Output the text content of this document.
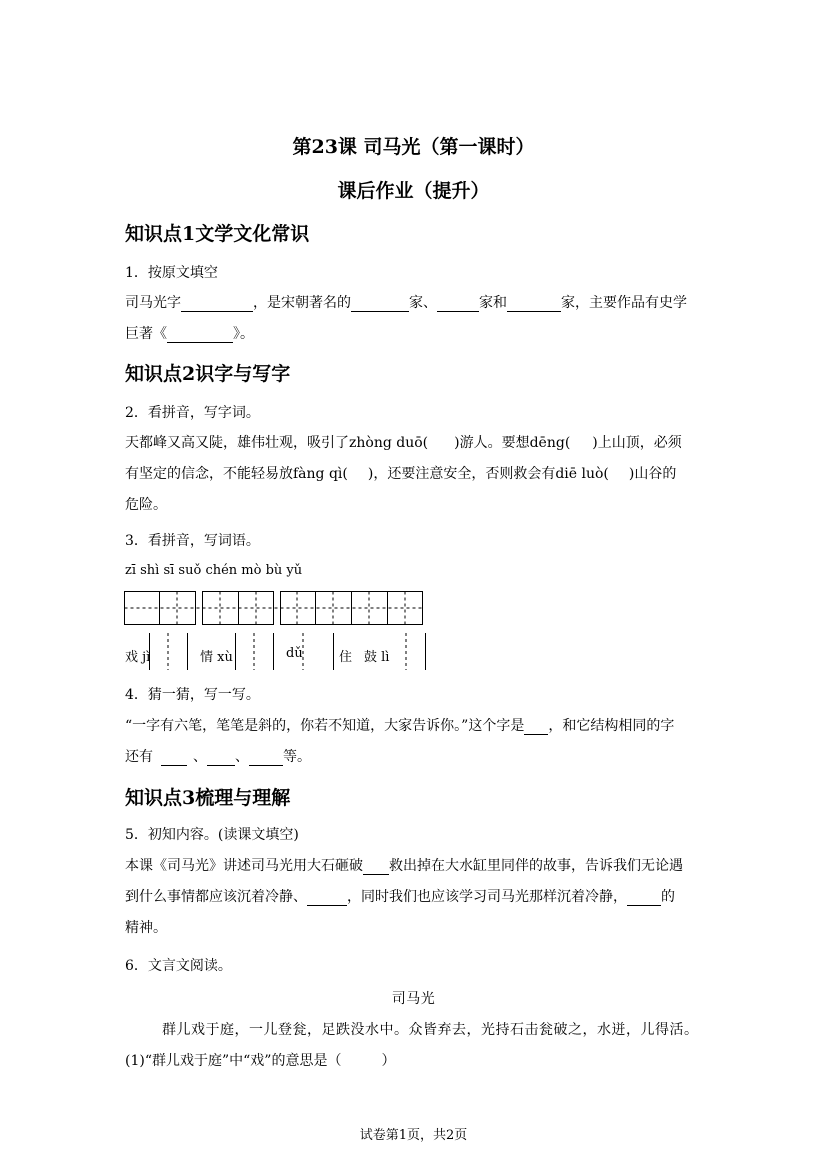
第23课 司马光（第一课时）
课后作业（提升）
知识点1文学文化常识
1．按原文填空
司马光字	，是宋朝著名的	家、	家和	家，主要作品有史学
巨著《	》。
知识点2识字与写字
2．看拼音，写字词。
天都峰又高又陡，雄伟壮观，吸引了zhòng duō( )游人。要想dēng( )上山顶，必须
有坚定的信念，不能轻易放fàng qì( )，还要注意安全，否则救会有diē luò( )山谷的
危险。
3．看拼音，写词语。
zī shì sī suǒ chén mò bù yǔ
戏 jì	情 xù	dǔ	住 鼓 lì
4．猜一猜，写一写。
“一字有六笔，笔笔是斜的，你若不知道，大家告诉你。”这个字是 ，和它结构相同的字
还有	、 、 等。
知识点3梳理与理解
5．初知内容。(读课文填空)
本课《司马光》讲述司马光用大石砸破 救出掉在大水缸里同伴的故事，告诉我们无论遇
到什么事情都应该沉着冷静、	，同时我们也应该学习司马光那样沉着冷静， 的
精神。
6．文言文阅读。
司马光
群儿戏于庭，一儿登瓮，足跌没水中。众皆弃去，光持石击瓮破之，水迸，儿得活。
(1)“群儿戏于庭”中“戏”的意思是（	）
试卷第1页，共2页
